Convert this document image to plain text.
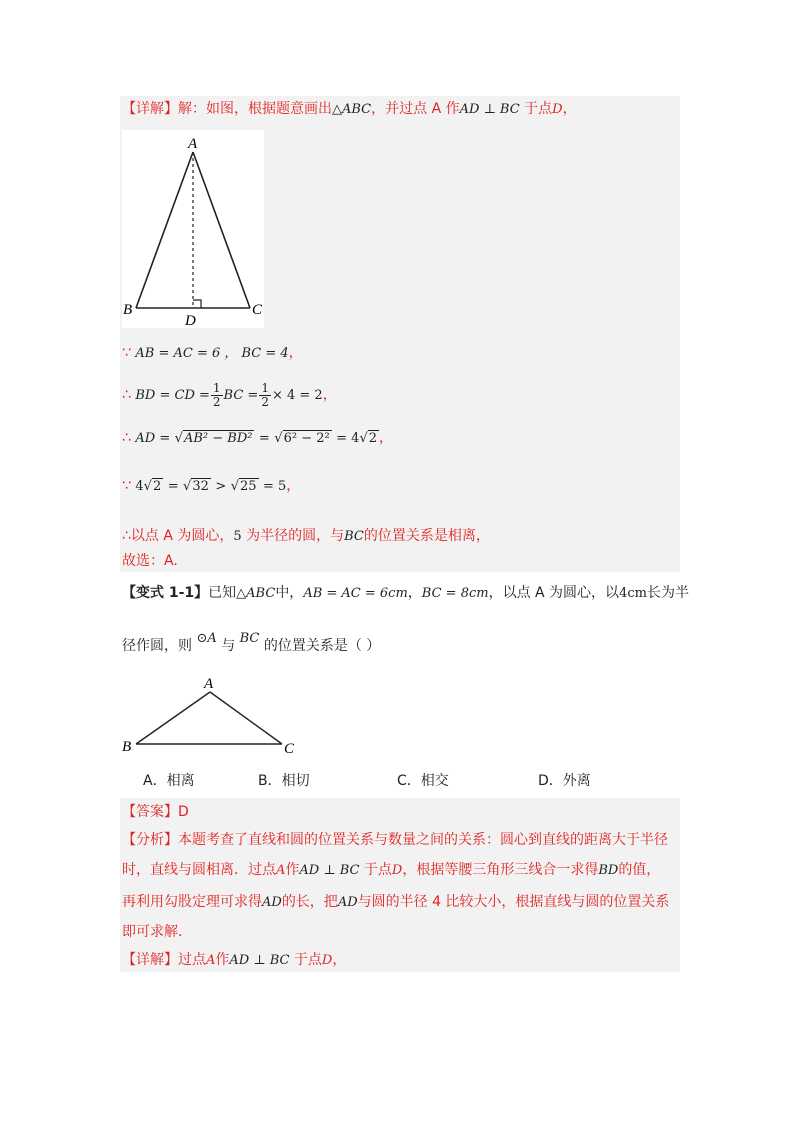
【详解】解：如图，根据题意画出△ABC，并过点 A 作AD ⊥ BC 于点D，
A
B	C
D
∵ AB = AC = 6 ， BC = 4，
∴ BD = CD = $\frac{1}{2}$ BC = $\frac{1}{2} \times 4 = 2$，
∴ AD = √AB² − BD² = √6² − 2² = 4√2 ，
∵ 4√2 = √32 > √25 = 5，
∴以点 A 为圆心，5 为半径的圆，与BC的位置关系是相离，
故选：A.
【变式 1-1】已知△ABC中，AB = AC = 6cm，BC = 8cm，以点 A 为圆心，以4cm长为半
径作圆，则 ⊙A 与 BC 的位置关系是（ ）
A
B	C
A．相离	B．相切	C．相交	D．外离
【答案】D
【分析】本题考查了直线和圆的位置关系与数量之间的关系：圆心到直线的距离大于半径
时，直线与圆相离．过点A作AD ⊥ BC 于点D，根据等腰三角形三线合一求得BD的值，
再利用勾股定理可求得AD的长，把AD与圆的半径 4 比较大小，根据直线与圆的位置关系
即可求解．
【详解】过点A作AD ⊥ BC 于点D，
